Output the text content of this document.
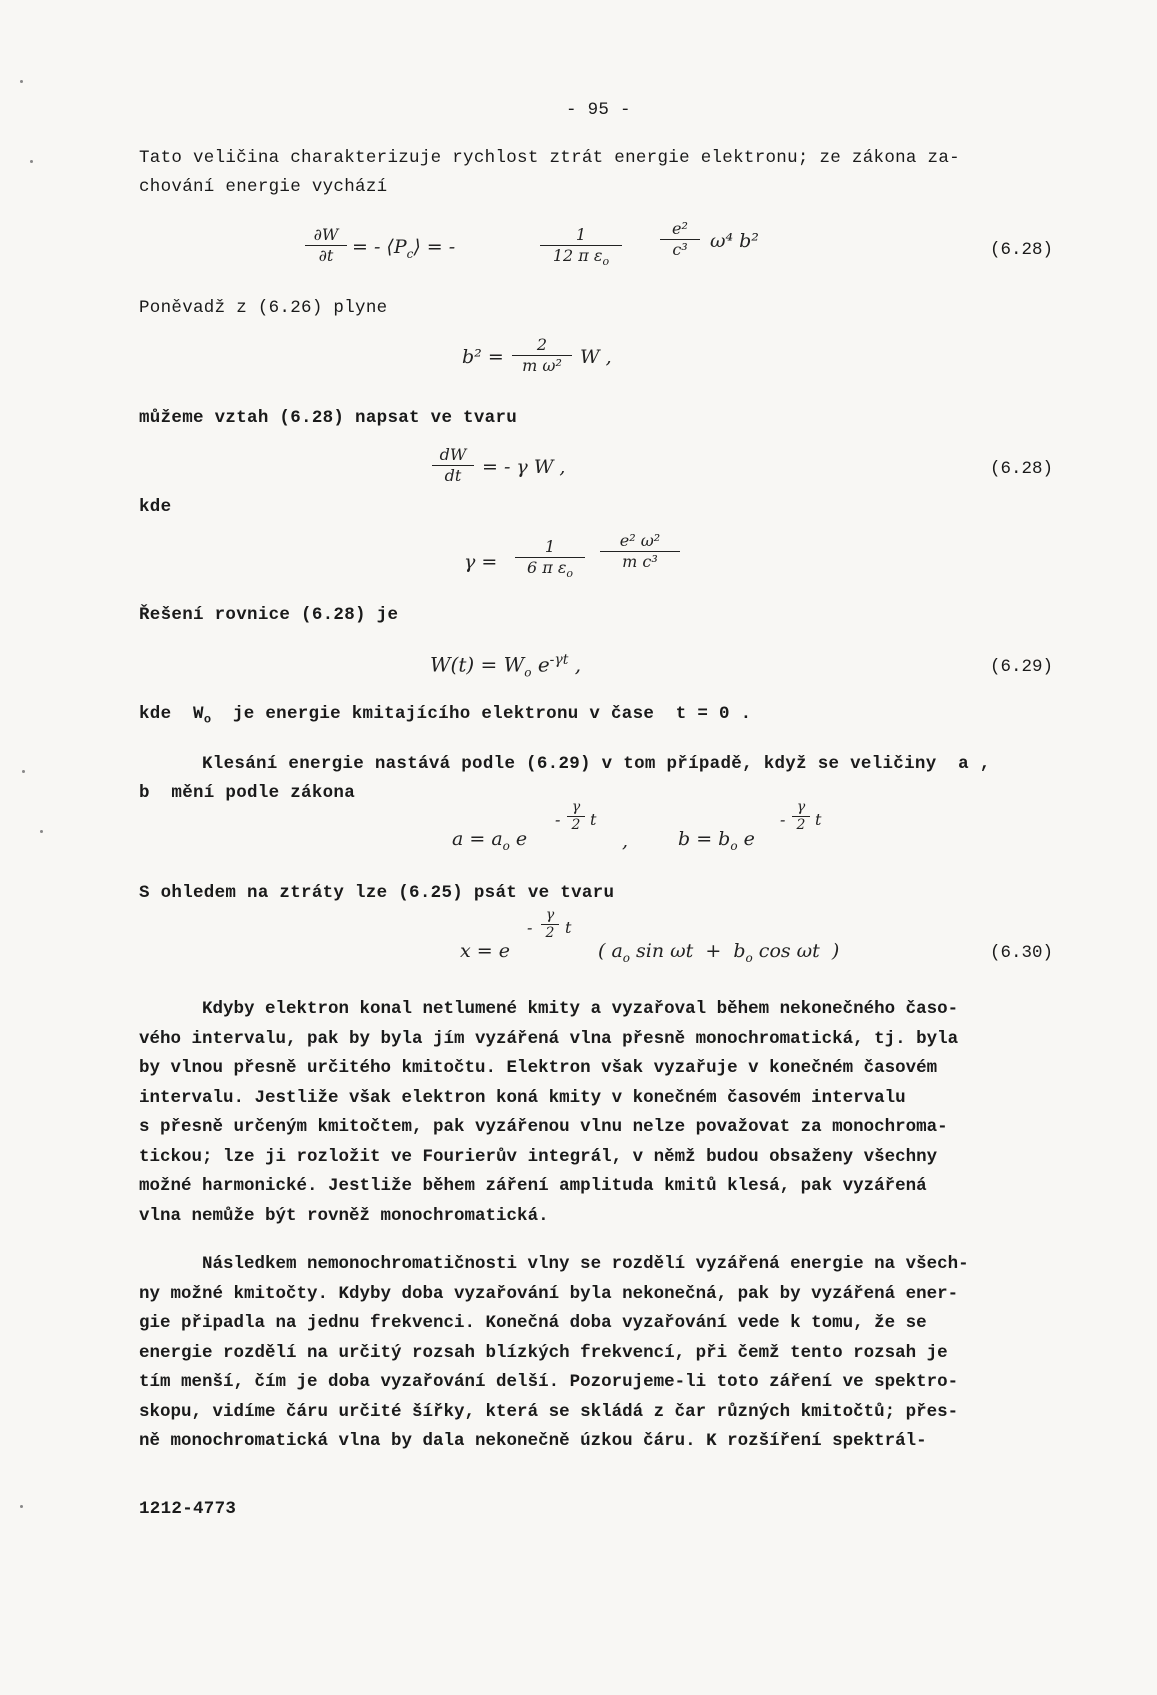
- 95 -
Tato veličina charakterizuje rychlost ztrát energie elektronu; ze zákona za-
chování energie vychází
∂W
∂t = - $⟨P_c⟩$ = -
1
12 π $\varepsilon_o$
e²
c³	ω⁴ b²	(6.28)
Poněvadž z (6.26) plyne
b² =
2
m ω² W ,
můžeme vztah (6.28) napsat ve tvaru
dW
dt	= - γ W ,	(6.28)
kde
γ =
1
6 π $\varepsilon_o$
e² ω²
m c³
Řešení rovnice (6.28) je
$W(t) = W_o$ $e^{-\gamma t}$ ,	(6.29)
kde  $W_o$  je energie kmitajícího elektronu v čase  t = 0 .
Klesání energie nastává podle (6.29) v tom případě, když se veličiny  a ,
b  mění podle zákona
$a = a_o$ e
-
γ
2 t
,	$b = b_o$ e
-
γ
2 t
S ohledem na ztráty lze (6.25) psát ve tvaru
x = e
-
γ
2 t
( $a_o$ $\sin \omega t + b_o$ cos ωt  )	(6.30)
Kdyby elektron konal netlumené kmity a vyzařoval během nekonečného časo-
vého intervalu, pak by byla jím vyzářená vlna přesně monochromatická, tj. byla
by vlnou přesně určitého kmitočtu. Elektron však vyzařuje v konečném časovém
intervalu. Jestliže však elektron koná kmity v konečném časovém intervalu
s přesně určeným kmitočtem, pak vyzářenou vlnu nelze považovat za monochroma-
tickou; lze ji rozložit ve Fourierův integrál, v němž budou obsaženy všechny
možné harmonické. Jestliže během záření amplituda kmitů klesá, pak vyzářená
vlna nemůže být rovněž monochromatická.
Následkem nemonochromatičnosti vlny se rozdělí vyzářená energie na všech-
ny možné kmitočty. Kdyby doba vyzařování byla nekonečná, pak by vyzářená ener-
gie připadla na jednu frekvenci. Konečná doba vyzařování vede k tomu, že se
energie rozdělí na určitý rozsah blízkých frekvencí, při čemž tento rozsah je
tím menší, čím je doba vyzařování delší. Pozorujeme-li toto záření ve spektro-
skopu, vidíme čáru určité šířky, která se skládá z čar různých kmitočtů; přes-
ně monochromatická vlna by dala nekonečně úzkou čáru. K rozšíření spektrál-
1212-4773
